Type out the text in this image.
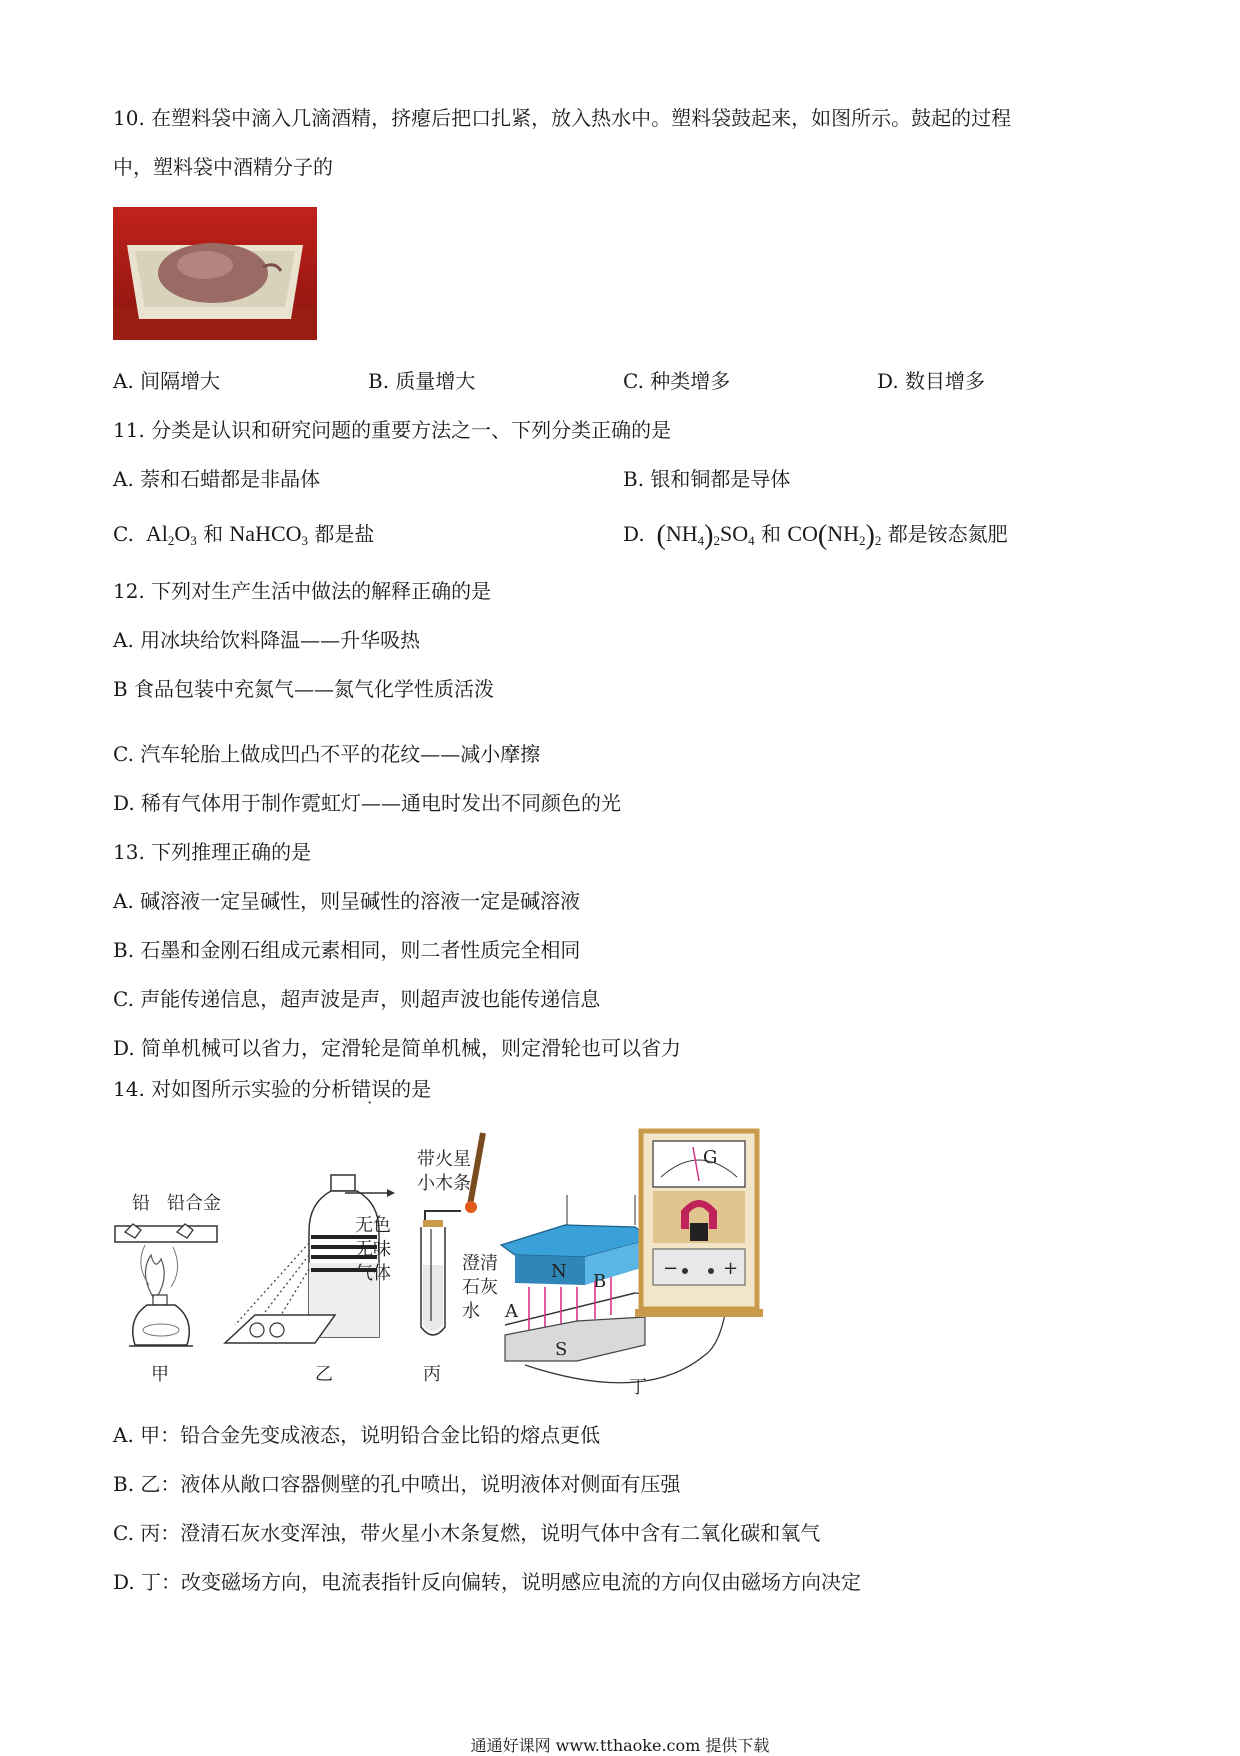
10. 在塑料袋中滴入几滴酒精，挤瘪后把口扎紧，放入热水中。塑料袋鼓起来，如图所示。鼓起的过程
中，塑料袋中酒精分子的
A. 间隔增大	B. 质量增大	C. 种类增多	D. 数目增多
11. 分类是认识和研究问题的重要方法之一、下列分类正确的是
A. 萘和石蜡都是非晶体	B. 银和铜都是导体
C.  $Al_2O_3$ 和 NaHCO$_3$ 都是盐	D. $(NH_4)_2SO_4$ 和 $CO(NH_2)_2$ 都是铵态氮肥
12. 下列对生产生活中做法的解释正确的是
A. 用冰块给饮料降温——升华吸热
B 食品包装中充氮气——氮气化学性质活泼
C. 汽车轮胎上做成凹凸不平的花纹——减小摩擦
D. 稀有气体用于制作霓虹灯——通电时发出不同颜色的光
13. 下列推理正确的是
A. 碱溶液一定呈碱性，则呈碱性的溶液一定是碱溶液
B. 石墨和金刚石组成元素相同，则二者性质完全相同
C. 声能传递信息，超声波是声，则超声波也能传递信息
D. 简单机械可以省力，定滑轮是简单机械，则定滑轮也可以省力
14. 对如图所示实验的分析错误的是
铅 铅合金
甲	乙
带火星
小木条
无色
无味
气体	澄清
石灰
水
丙
N
A
B
S
G
− +
丁
A. 甲：铅合金先变成液态，说明铅合金比铅的熔点更低
B. 乙：液体从敞口容器侧壁的孔中喷出，说明液体对侧面有压强
C. 丙：澄清石灰水变浑浊，带火星小木条复燃，说明气体中含有二氧化碳和氧气
D. 丁：改变磁场方向，电流表指针反向偏转，说明感应电流的方向仅由磁场方向决定
通通好课网 www.tthaoke.com 提供下载
